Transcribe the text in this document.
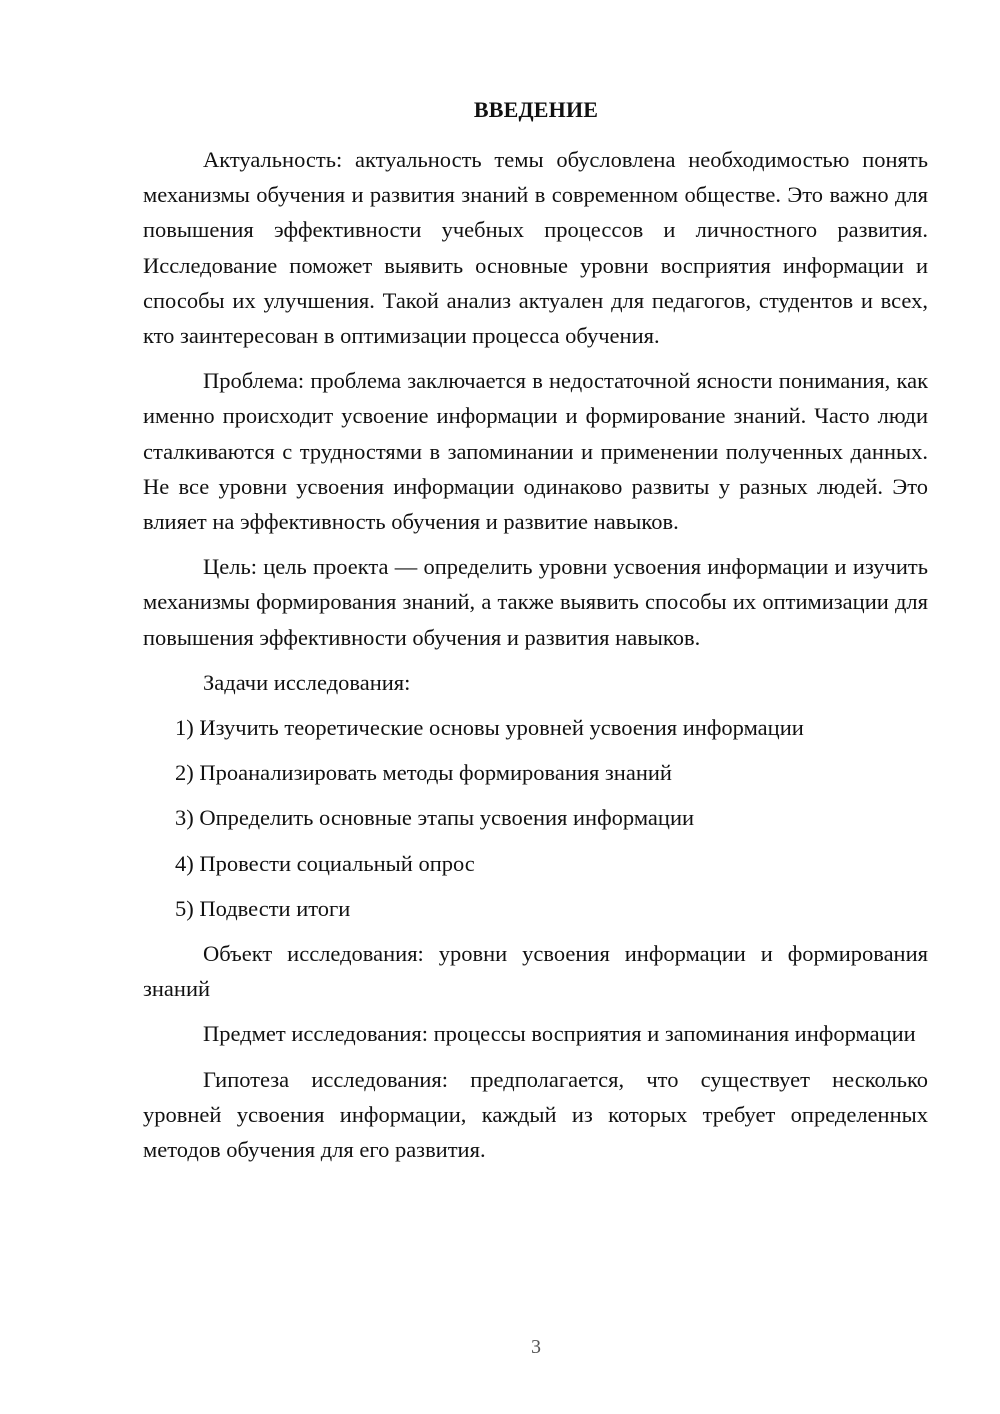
ВВЕДЕНИЕ

Актуальность: актуальность темы обусловлена необходимостью понять механизмы обучения и развития знаний в современном обществе. Это важно для повышения эффективности учебных процессов и личностного развития. Исследование поможет выявить основные уровни восприятия информации и способы их улучшения. Такой анализ актуален для педагогов, студентов и всех, кто заинтересован в оптимизации процесса обучения.

Проблема: проблема заключается в недостаточной ясности понимания, как именно происходит усвоение информации и формирование знаний. Часто люди сталкиваются с трудностями в запоминании и применении полученных данных. Не все уровни усвоения информации одинаково развиты у разных людей. Это влияет на эффективность обучения и развитие навыков.

Цель: цель проекта — определить уровни усвоения информации и изучить механизмы формирования знаний, а также выявить способы их оптимизации для повышения эффективности обучения и развития навыков.

Задачи исследования:

1) Изучить теоретические основы уровней усвоения информации

2) Проанализировать методы формирования знаний

3) Определить основные этапы усвоения информации

4) Провести социальный опрос

5) Подвести итоги

Объект исследования: уровни усвоения информации и формирования знаний

Предмет исследования: процессы восприятия и запоминания информации

Гипотеза исследования: предполагается, что существует несколько уровней усвоения информации, каждый из которых требует определенных методов обучения для его развития.

3
